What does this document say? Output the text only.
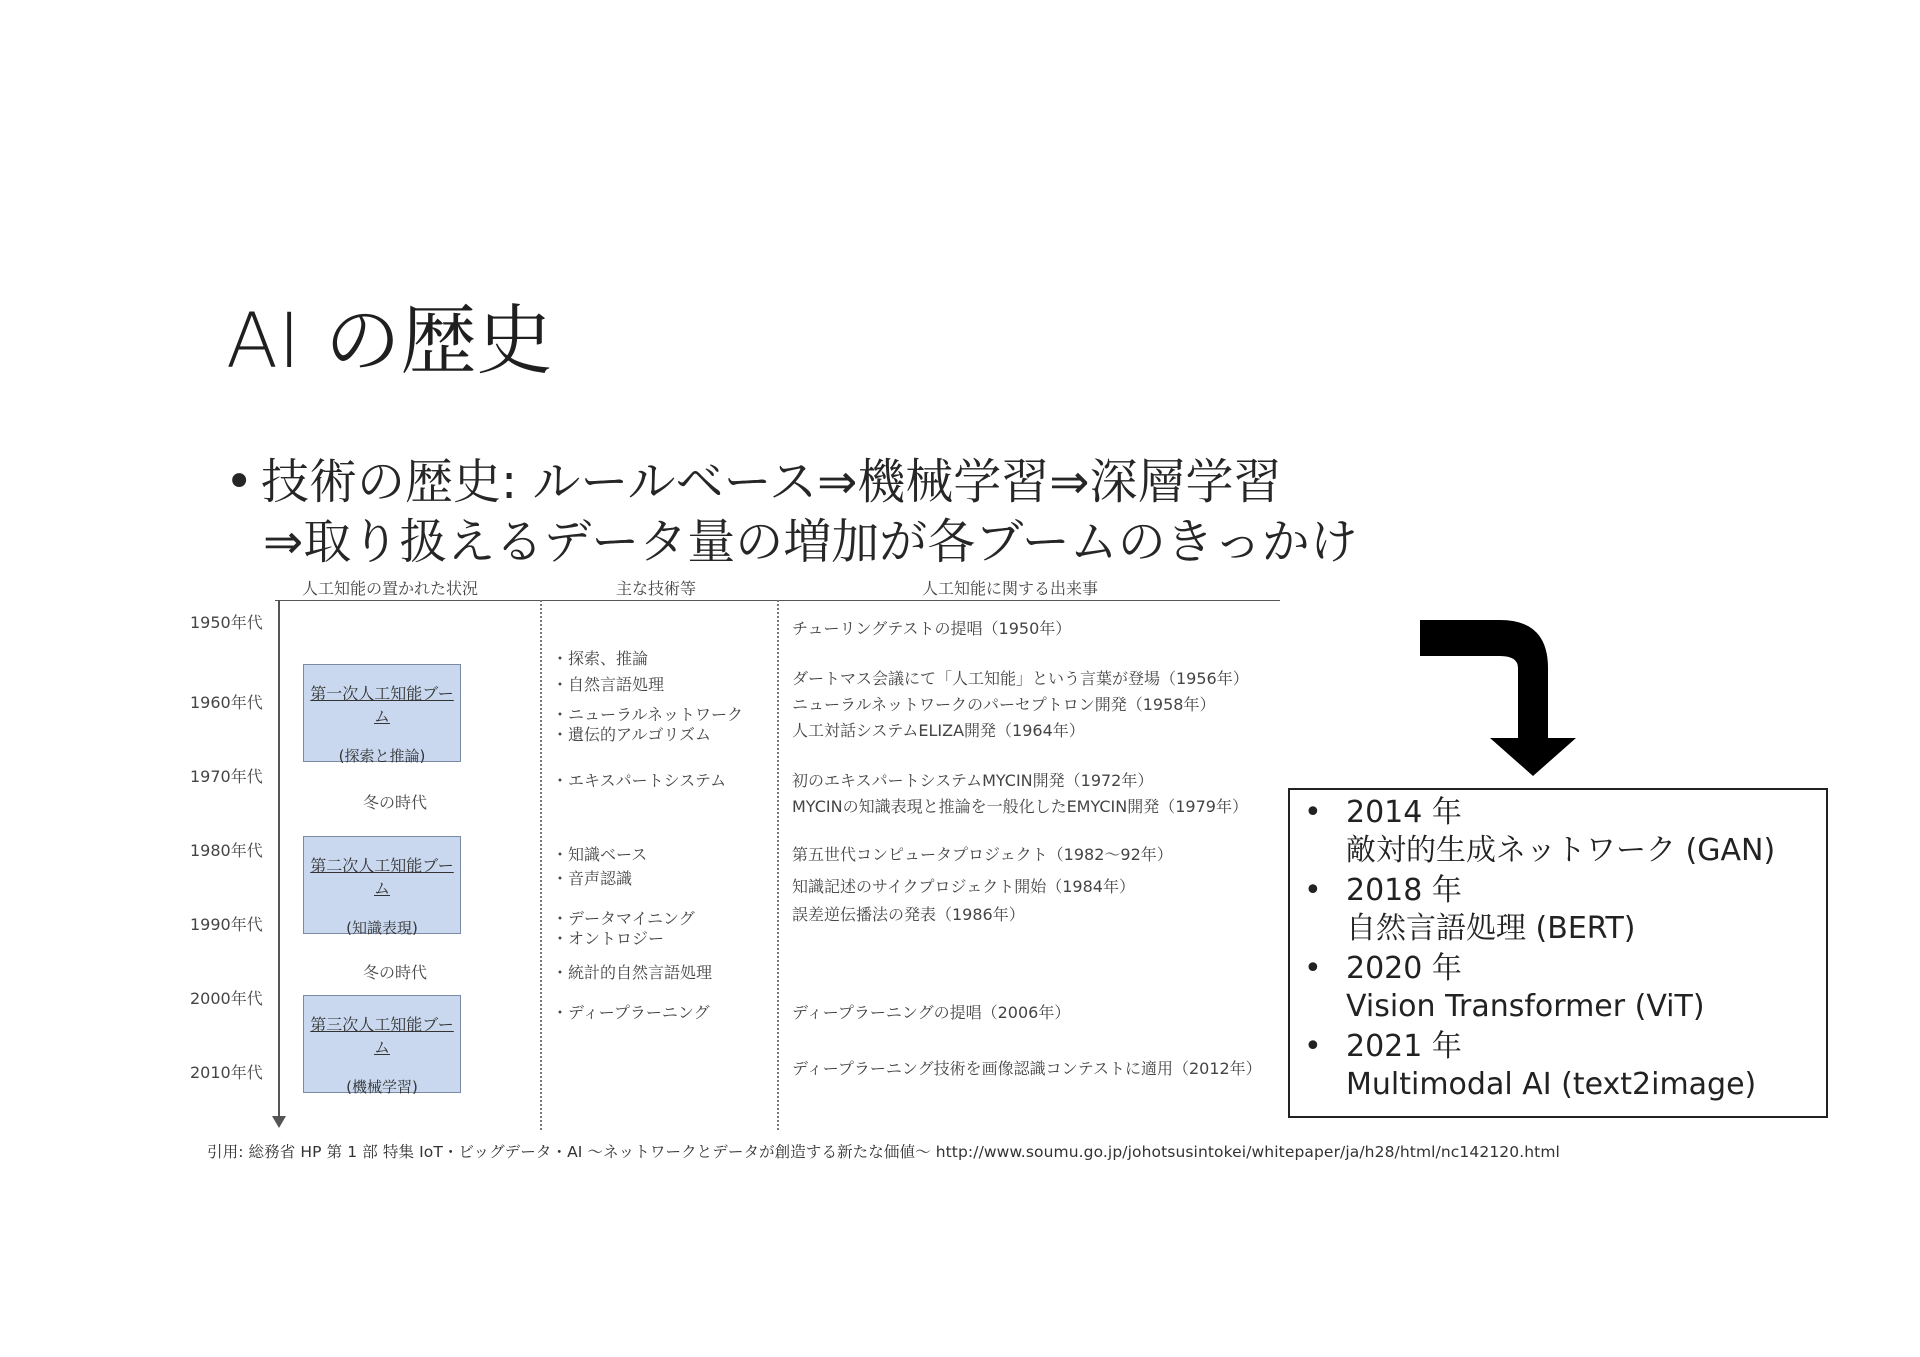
AI の歴史
• 技術の歴史: ルールベース⇒機械学習⇒深層学習
⇒取り扱えるデータ量の増加が各ブームのきっかけ
人工知能の置かれた状況	主な技術等	人工知能に関する出来事
1950年代
1960年代
1970年代
1980年代
1990年代
2000年代
2010年代
第一次人工知能ブーム
(探索と推論)
冬の時代
第二次人工知能ブーム
(知識表現)
冬の時代
第三次人工知能ブーム
(機械学習)
・探索、推論
・自然言語処理
・ニューラルネットワーク
・遺伝的アルゴリズム
・エキスパートシステム
・知識ベース
・音声認識
・データマイニング
・オントロジー
・統計的自然言語処理
・ディープラーニング
チューリングテストの提唱（1950年）
ダートマス会議にて「人工知能」という言葉が登場（1956年）
ニューラルネットワークのパーセプトロン開発（1958年）
人工対話システムELIZA開発（1964年）
初のエキスパートシステムMYCIN開発（1972年）
MYCINの知識表現と推論を一般化したEMYCIN開発（1979年）
第五世代コンピュータプロジェクト（1982〜92年）
知識記述のサイクプロジェクト開始（1984年）
誤差逆伝播法の発表（1986年）
ディープラーニングの提唱（2006年）
ディープラーニング技術を画像認識コンテストに適用（2012年）
• 2014 年
敵対的生成ネットワーク (GAN)
• 2018 年
自然言語処理 (BERT)
• 2020 年
Vision Transformer (ViT)
• 2021 年
Multimodal AI (text2image)
引用: 総務省 HP 第 1 部 特集 IoT・ビッグデータ・AI ～ネットワークとデータが創造する新たな価値～ http://www.soumu.go.jp/johotsusintokei/whitepaper/ja/h28/html/nc142120.html
